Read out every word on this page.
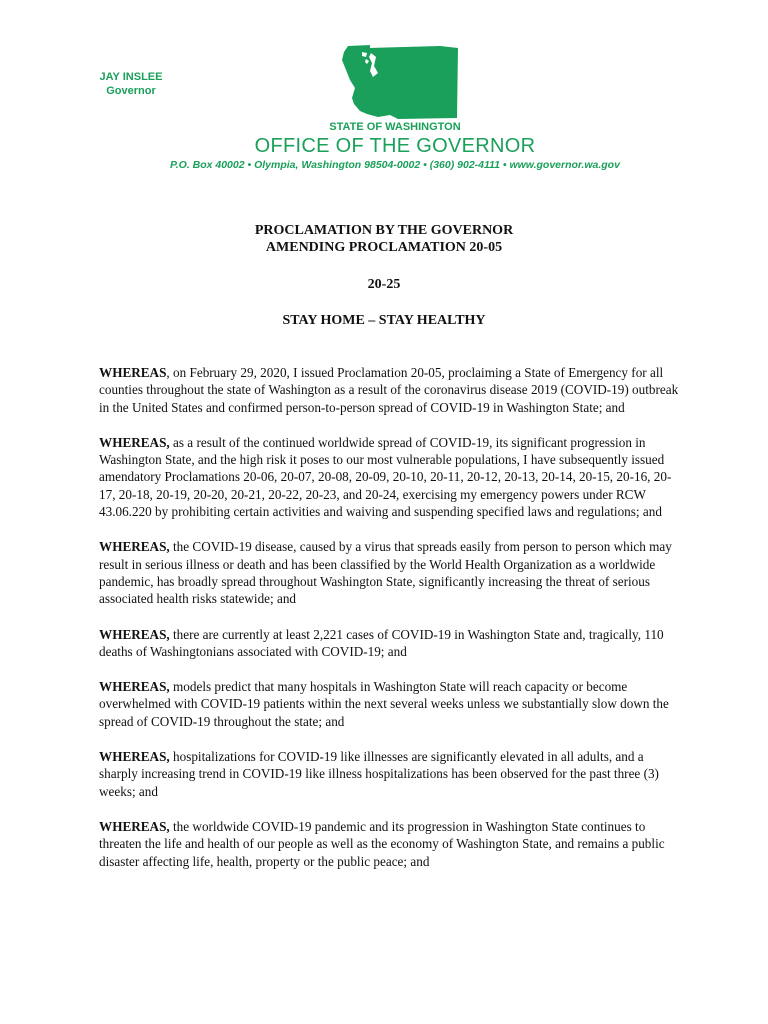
JAY INSLEE
Governor
STATE OF WASHINGTON
OFFICE OF THE GOVERNOR
P.O. Box 40002 • Olympia, Washington 98504-0002 • (360) 902-4111 • www.governor.wa.gov
PROCLAMATION BY THE GOVERNOR
AMENDING PROCLAMATION 20-05
20-25
STAY HOME – STAY HEALTHY

WHEREAS, on February 29, 2020, I issued Proclamation 20-05, proclaiming a State of Emergency for all counties throughout the state of Washington as a result of the coronavirus disease 2019 (COVID-19) outbreak in the United States and confirmed person-to-person spread of COVID-19 in Washington State; and

WHEREAS, as a result of the continued worldwide spread of COVID-19, its significant progression in Washington State, and the high risk it poses to our most vulnerable populations, I have subsequently issued amendatory Proclamations 20-06, 20-07, 20-08, 20-09, 20-10, 20-11, 20-12, 20-13, 20-14, 20-15, 20-16, 20-17, 20-18, 20-19, 20-20, 20-21, 20-22, 20-23, and 20-24, exercising my emergency powers under RCW 43.06.220 by prohibiting certain activities and waiving and suspending specified laws and regulations; and

WHEREAS, the COVID-19 disease, caused by a virus that spreads easily from person to person which may result in serious illness or death and has been classified by the World Health Organization as a worldwide pandemic, has broadly spread throughout Washington State, significantly increasing the threat of serious associated health risks statewide; and

WHEREAS, there are currently at least 2,221 cases of COVID-19 in Washington State and, tragically, 110 deaths of Washingtonians associated with COVID-19; and

WHEREAS, models predict that many hospitals in Washington State will reach capacity or become overwhelmed with COVID-19 patients within the next several weeks unless we substantially slow down the spread of COVID-19 throughout the state; and

WHEREAS, hospitalizations for COVID-19 like illnesses are significantly elevated in all adults, and a sharply increasing trend in COVID-19 like illness hospitalizations has been observed for the past three (3) weeks; and

WHEREAS, the worldwide COVID-19 pandemic and its progression in Washington State continues to threaten the life and health of our people as well as the economy of Washington State, and remains a public disaster affecting life, health, property or the public peace; and
